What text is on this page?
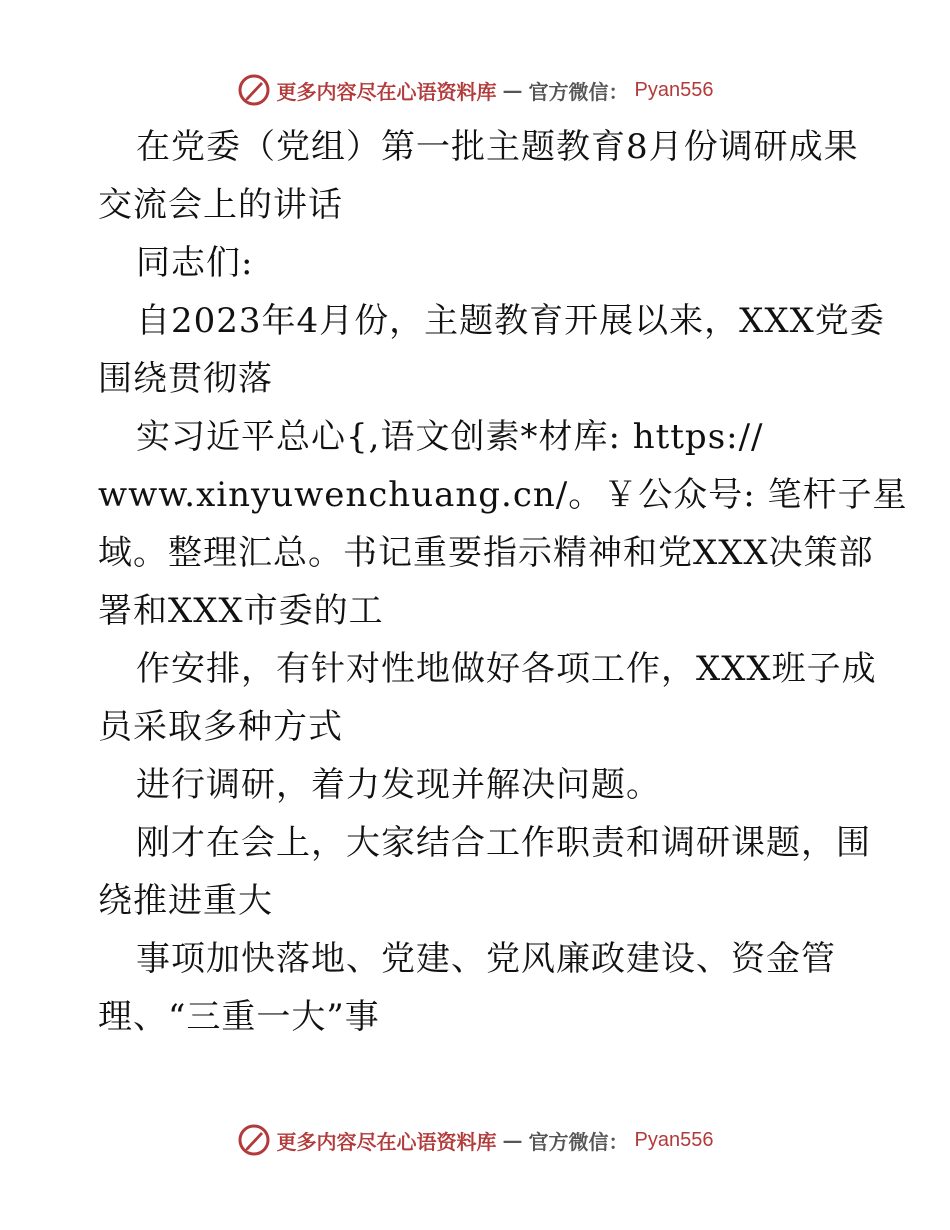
更多内容尽在心语资料库 — 官方微信： Pyan556
在党委（党组）第一批主题教育8月份调研成果
交流会上的讲话
同志们:
自2023年4月份，主题教育开展以来，XXX党委
围绕贯彻落
实习近平总心{,语文创素*材库: https://
www.xinyuwenchuang.cn/。￥公众号: 笔杆子星
域。整理汇总。书记重要指示精神和党XXX决策部
署和XXX市委的工
作安排，有针对性地做好各项工作，XXX班子成
员采取多种方式
进行调研，着力发现并解决问题。
刚才在会上，大家结合工作职责和调研课题，围
绕推进重大
事项加快落地、党建、党风廉政建设、资金管
理、“三重一大”事
更多内容尽在心语资料库 — 官方微信： Pyan556
